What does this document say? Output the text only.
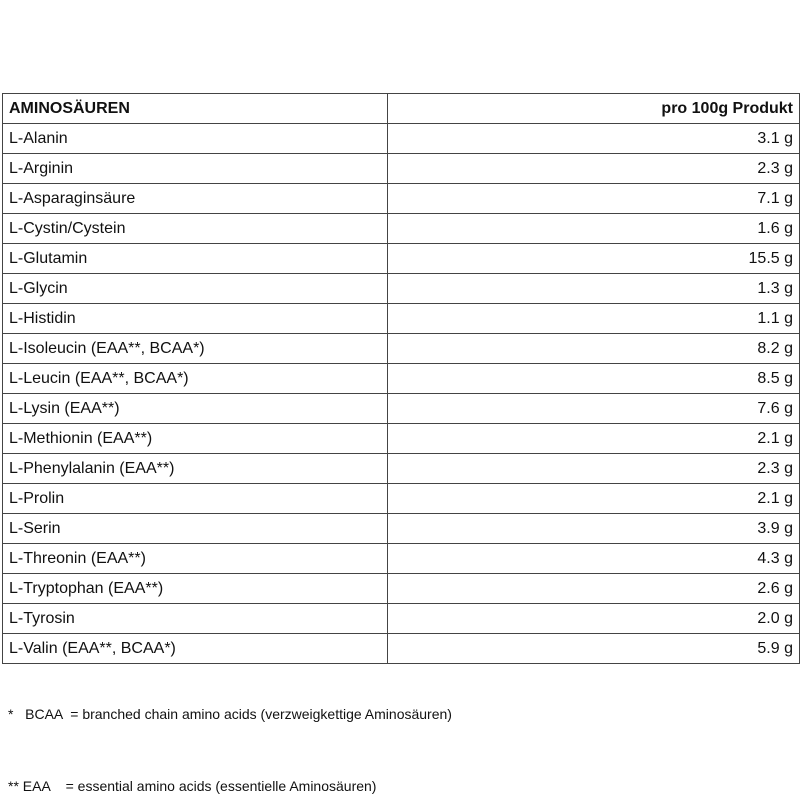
AMINOSÄUREN	pro 100g Produkt
L-Alanin	3.1 g
L-Arginin	2.3 g
L-Asparaginsäure	7.1 g
L-Cystin/Cystein	1.6 g
L-Glutamin	15.5 g
L-Glycin	1.3 g
L-Histidin	1.1 g
L-Isoleucin (EAA**, BCAA*)	8.2 g
L-Leucin (EAA**, BCAA*)	8.5 g
L-Lysin (EAA**)	7.6 g
L-Methionin (EAA**)	2.1 g
L-Phenylalanin (EAA**)	2.3 g
L-Prolin	2.1 g
L-Serin	3.9 g
L-Threonin (EAA**)	4.3 g
L-Tryptophan (EAA**)	2.6 g
L-Tyrosin	2.0 g
L-Valin (EAA**, BCAA*)	5.9 g

*   BCAA  = branched chain amino acids (verzweigkettige Aminosäuren)

** EAA    = essential amino acids (essentielle Aminosäuren)
